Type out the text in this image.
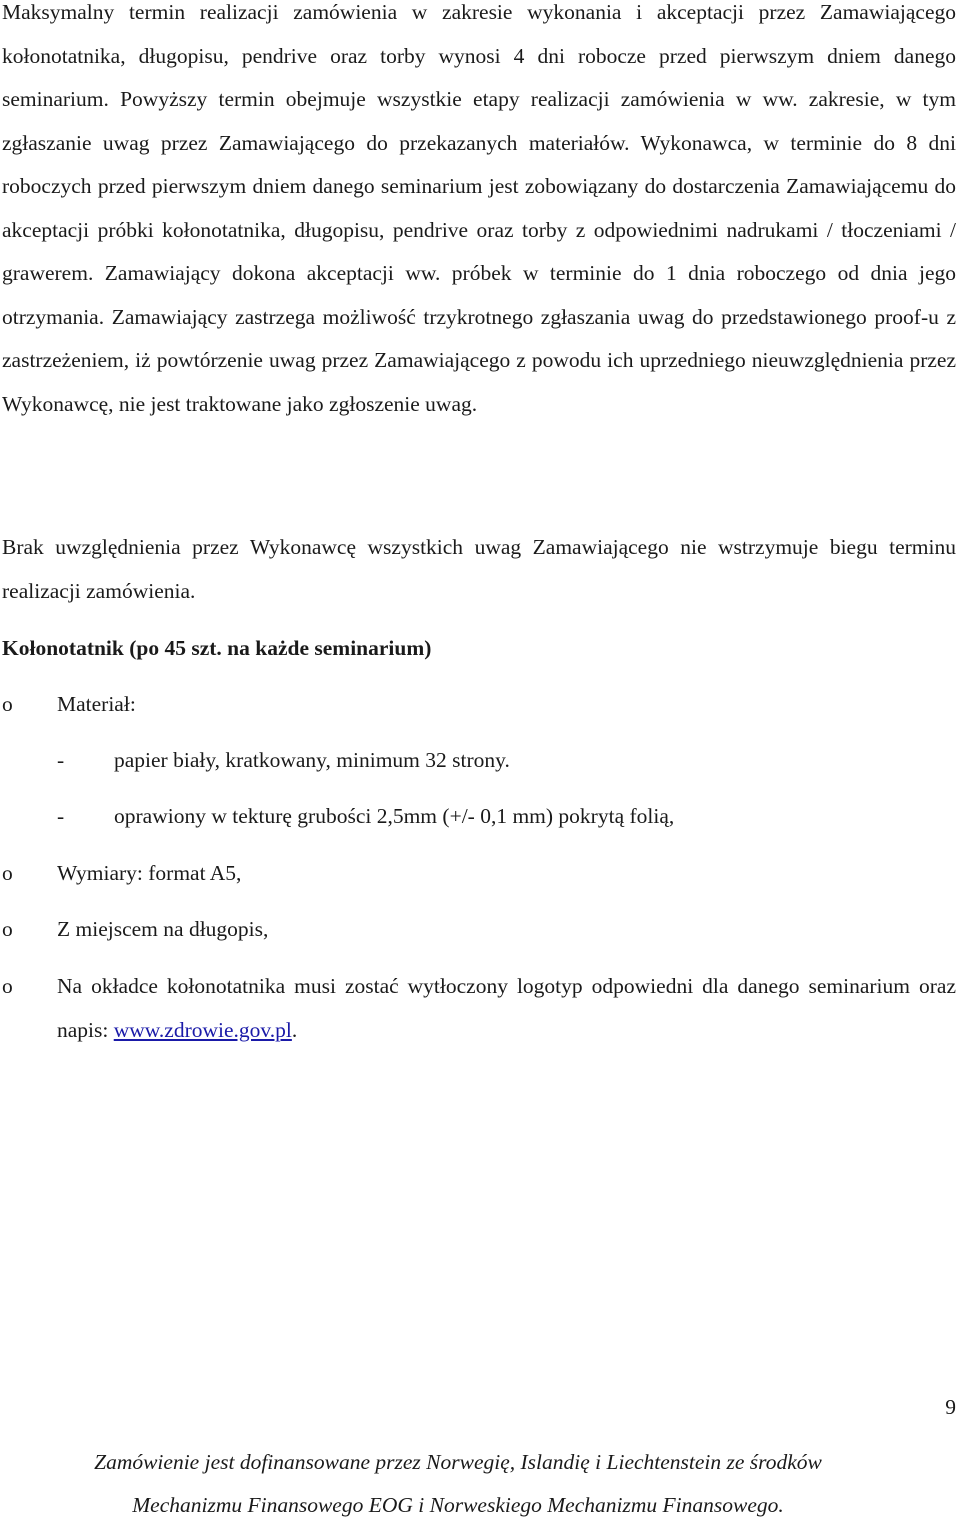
Maksymalny termin realizacji zamówienia w zakresie wykonania i akceptacji przez Zamawiającego kołonotatnika, długopisu, pendrive oraz torby wynosi 4 dni robocze przed pierwszym dniem danego seminarium. Powyższy termin obejmuje wszystkie etapy realizacji zamówienia w ww. zakresie, w tym zgłaszanie uwag przez Zamawiającego do przekazanych materiałów. Wykonawca, w terminie do 8 dni roboczych przed pierwszym dniem danego seminarium jest zobowiązany do dostarczenia Zamawiającemu do akceptacji próbki kołonotatnika, długopisu, pendrive oraz torby z odpowiednimi nadrukami / tłoczeniami / grawerem. Zamawiający dokona akceptacji ww. próbek w terminie do 1 dnia roboczego od dnia jego otrzymania. Zamawiający zastrzega możliwość trzykrotnego zgłaszania uwag do przedstawionego proof-u z zastrzeżeniem, iż powtórzenie uwag przez Zamawiającego z powodu ich uprzedniego nieuwzględnienia przez Wykonawcę, nie jest traktowane jako zgłoszenie uwag.

Brak uwzględnienia przez Wykonawcę wszystkich uwag Zamawiającego nie wstrzymuje biegu terminu realizacji zamówienia.

Kołonotatnik (po 45 szt. na każde seminarium)

o Materiał:
- papier biały, kratkowany, minimum 32 strony.
- oprawiony w tekturę grubości 2,5mm (+/- 0,1 mm) pokrytą folią,
o Wymiary: format A5,
o Z miejscem na długopis,
o Na okładce kołonotatnika musi zostać wytłoczony logotyp odpowiedni dla danego seminarium oraz napis: www.zdrowie.gov.pl.
9
Zamówienie jest dofinansowane przez Norwegię, Islandię i Liechtenstein ze środków
Mechanizmu Finansowego EOG i Norweskiego Mechanizmu Finansowego.
